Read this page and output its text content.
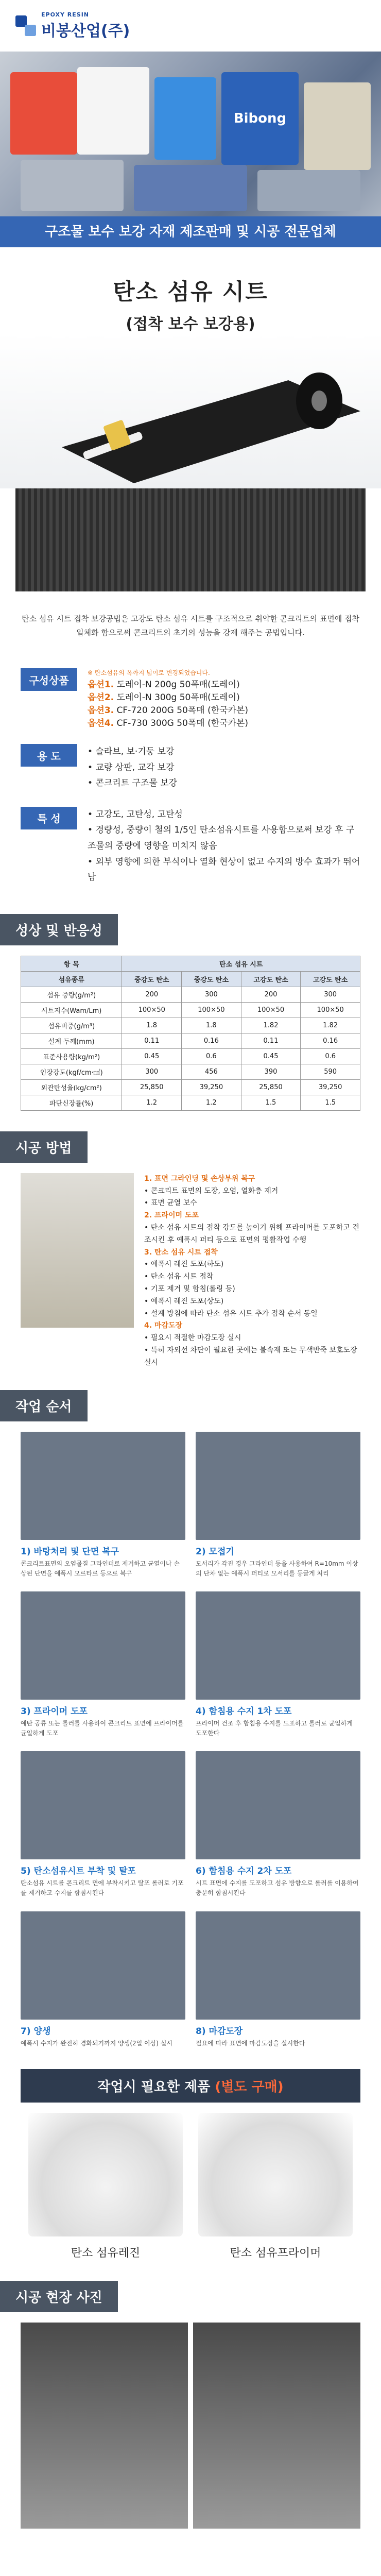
EPOXY RESIN
비봉산업(주)
Bibong
구조물 보수 보강 자재 제조판매 및 시공 전문업체
탄소 섬유 시트
(접착 보수 보강용)

탄소 섬유 시트 접착 보강공법은 고강도 탄소 섬유 시트를 구조적으로 취약한 콘크리트의 표면에 접착 일체화 함으로써 콘크리트의 초기의 성능을 강제 해주는 공법입니다.

구성상품
※ 탄소섬유의 폭까지 넓이로 변경되었습니다.
옵션1. 도레이-N 200g 50폭매(도레이)
옵션2. 도레이-N 300g 50폭매(도레이)
옵션3. CF-720 200G 50폭매 (한국카본)
옵션4. CF-730 300G 50폭매 (한국카본)
용 도	• 슬라브, 보·기둥 보강
• 교량 상판, 교각 보강
• 콘크리트 구조물 보강
특 성	• 고강도, 고탄성, 고탄성
• 경량성, 중량이 철의 1/5인 탄소섬유시트를 사용함으로써 보강 후 구조물의 중량에 영향을 미치지 않음
• 외부 영향에 의한 부식이나 열화 현상이 없고 수지의 방수 효과가 뛰어남
성상 및 반응성
항 목	탄소 섬유 시트			
섬유종류	중강도 탄소	중강도 탄소	고강도 탄소	고강도 탄소
섬유 중량(g/m²)	200	300	200	300
시트지수(Wam/Lm)	100×50	100×50	100×50	100×50
섬유비중(g/m³)	1.8	1.8	1.82	1.82
설계 두께(mm)	0.11	0.16	0.11	0.16
표준사용량(kg/m²)	0.45	0.6	0.45	0.6
인장강도(kgf/cm·㎟)	300	456	390	590
외관탄성율(kg/cm²)	25,850	39,250	25,850	39,250
파단신장률(%)	1.2	1.2	1.5	1.5
시공 방법
1. 표면 그라인딩 및 손상부위 복구
• 콘크리트 표면의 도장, 오염, 열화층 제거
• 표면 균열 보수
2. 프라이머 도포
• 탄소 섬유 시트의 접착 강도를 높이기 위해 프라이머를 도포하고 건조시킨 후 예폭시 퍼티 등으로 표면의 평활작업 수행
3. 탄소 섬유 시트 접착
• 예폭시 레진 도포(하도)
• 탄소 섬유 시트 접착
• 기포 제거 및 함침(롤링 등)
• 예폭시 레진 도포(상도)
• 설계 방침에 따라 탄소 섬유 시트 추가 접착 순서 동일
4. 마감도장
• 필요시 적절한 마감도장 실시
• 특히 자외선 차단이 필요한 곳에는 불속재 또는 무색반죽 보호도장 실시
작업 순서
1) 바탕처리 및 단면 복구
콘크리트표면의 오염물질 그라인더로 제거하고 균열이나 손상된 단면을 예폭시 모르타르 등으로 복구
2) 모접기
모서리가 각진 경우 그라인더 등을 사용하여 R=10mm 이상의 단차 없는 예폭시 퍼티로 모서리를 둥글게 처리
3) 프라이머 도포
예탄 공류 또는 롤러를 사용하여 콘크리트 표면에 프라이머를 균일하게 도포
4) 함침용 수지 1차 도포
프라이머 건조 후 함침용 수지를 도포하고 롤러로 균일하게 도포한다
5) 탄소섬유시트 부착 및 탈포
탄소섬유 시트를 콘크리트 면에 부착시키고 탈포 롤러로 기포를 제거하고 수지를 함침시킨다
6) 함침용 수지 2차 도포
시트 표면에 수지를 도포하고 섬유 방향으로 롤러를 이용하여 충분히 함침시킨다
7) 양생
예폭시 수지가 완전히 경화되기까지 양생(2일 이상) 실시
8) 마감도장
필요에 따라 표면에 마감도장을 실시한다
작업시 필요한 제품 (별도 구매)
탄소 섬유레진	탄소 섬유프라이머
시공 현장 사진
